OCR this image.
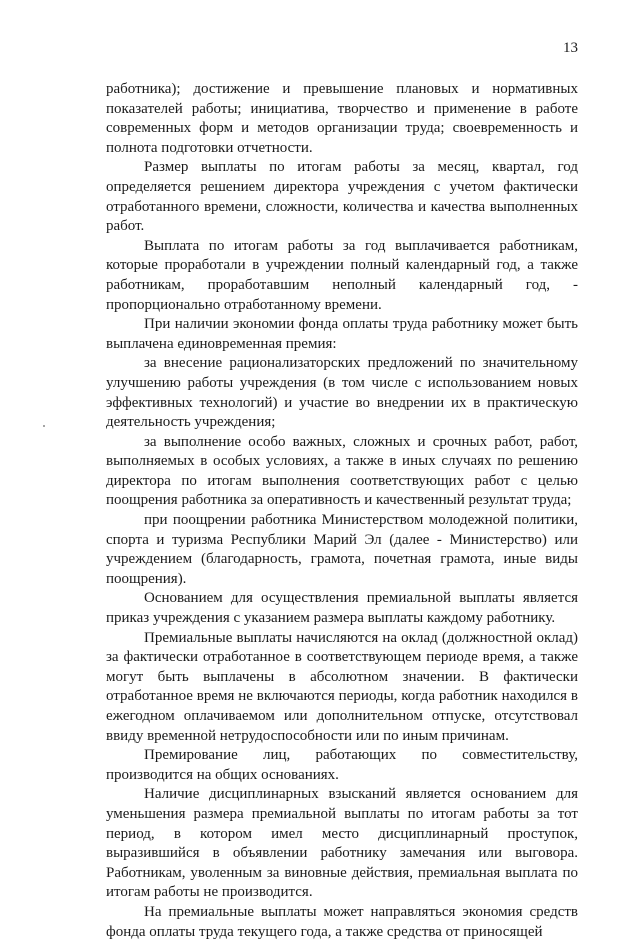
13

работника); достижение и превышение плановых и нормативных показателей работы; инициатива, творчество и применение в работе современных форм и методов организации труда; своевременность и полнота подготовки отчетности.

Размер выплаты по итогам работы за месяц, квартал, год определяется решением директора учреждения с учетом фактически отработанного времени, сложности, количества и качества выполненных работ.

Выплата по итогам работы за год выплачивается работникам, которые проработали в учреждении полный календарный год, а также работникам, проработавшим неполный календарный год, - пропорционально отработанному времени.

При наличии экономии фонда оплаты труда работнику может быть выплачена единовременная премия:

за внесение рационализаторских предложений по значительному улучшению работы учреждения (в том числе с использованием новых эффективных технологий) и участие во внедрении их в практическую деятельность учреждения;

за выполнение особо важных, сложных и срочных работ, работ, выполняемых в особых условиях, а также в иных случаях по решению директора по итогам выполнения соответствующих работ с целью поощрения работника за оперативность и качественный результат труда;

при поощрении работника Министерством молодежной политики, спорта и туризма Республики Марий Эл (далее - Министерство) или учреждением (благодарность, грамота, почетная грамота, иные виды поощрения).

Основанием для осуществления премиальной выплаты является приказ учреждения с указанием размера выплаты каждому работнику.

Премиальные выплаты начисляются на оклад (должностной оклад) за фактически отработанное в соответствующем периоде время, а также могут быть выплачены в абсолютном значении. В фактически отработанное время не включаются периоды, когда работник находился в ежегодном оплачиваемом или дополнительном отпуске, отсутствовал ввиду временной нетрудоспособности или по иным причинам.

Премирование лиц, работающих по совместительству, производится на общих основаниях.

Наличие дисциплинарных взысканий является основанием для уменьшения размера премиальной выплаты по итогам работы за тот период, в котором имел место дисциплинарный проступок, выразившийся в объявлении работнику замечания или выговора. Работникам, уволенным за виновные действия, премиальная выплата по итогам работы не производится.

На премиальные выплаты может направляться экономия средств фонда оплаты труда текущего года, а также средства от приносящей
